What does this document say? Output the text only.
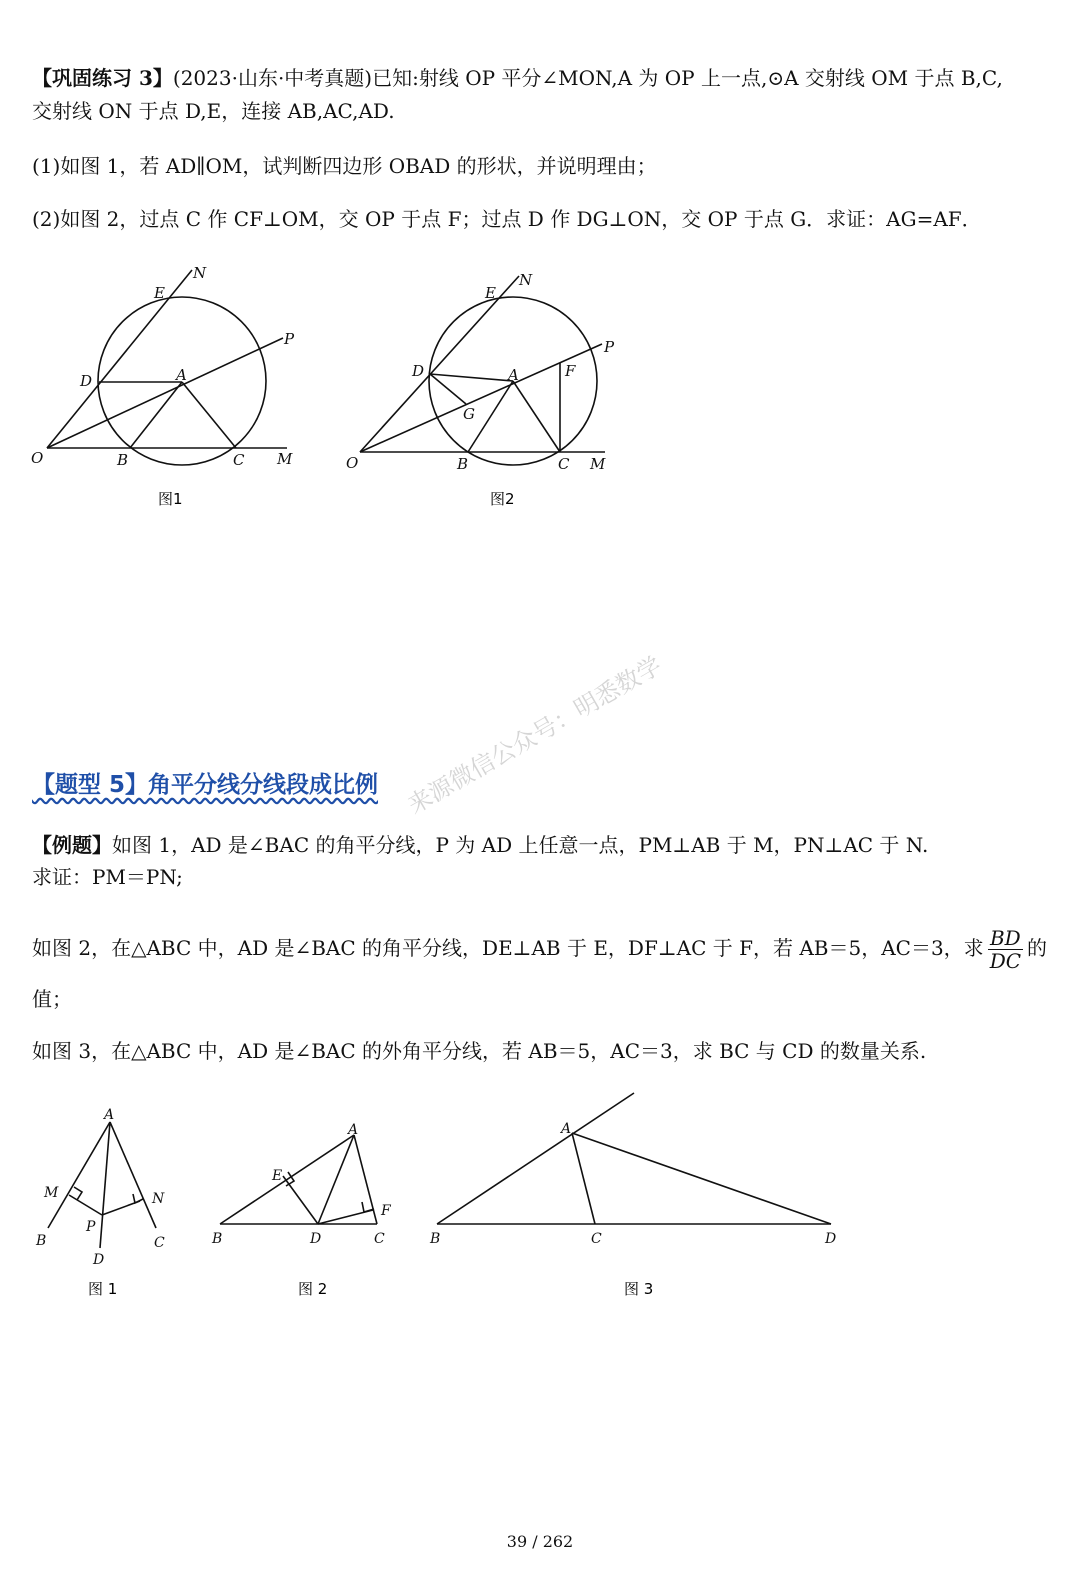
【巩固练习 3】(2023·山东·中考真题)已知:射线 OP 平分∠MON,A 为 OP 上一点,⊙A 交射线 OM 于点 B,C,
交射线 ON 于点 D,E，连接 AB,AC,AD.
(1)如图 1，若 AD∥OM，试判断四边形 OBAD 的形状，并说明理由；
(2)如图 2，过点 C 作 CF⊥OM，交 OP 于点 F；过点 D 作 DG⊥ON，交 OP 于点 G．求证：AG=AF．
O	B	C M
D	A
E
N
P
图1
O	B	C M
D	A
G
F
E
N
P
图2
来源微信公众号：明悉数学
【题型 5】角平分线分线段成比例
【例题】如图 1，AD 是∠BAC 的角平分线，P 为 AD 上任意一点，PM⊥AB 于 M，PN⊥AC 于 N.
求证：PM＝PN;
如图 2，在△ABC 中，AD 是∠BAC 的角平分线，DE⊥AB 于 E，DF⊥AC 于 F，若 AB＝5，AC＝3，求 $\frac{BD}{DC}$ 的
值；
如图 3，在△ABC 中，AD 是∠BAC 的外角平分线，若 AB＝5，AC＝3，求 BC 与 CD 的数量关系.
A
M	N
P
B	C
D
图 1
A
E
F
B	D	C
图 2
A
B	C	D
图 3
39 / 262
